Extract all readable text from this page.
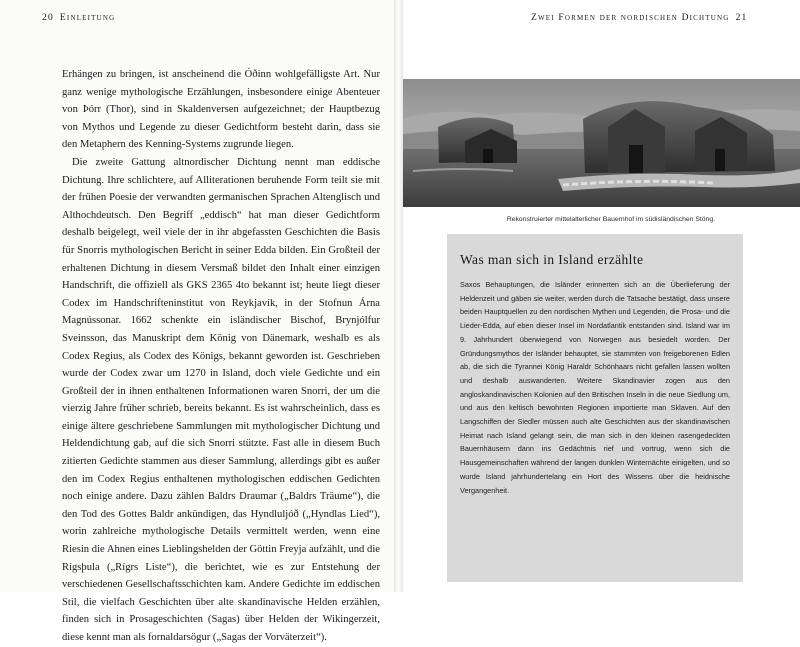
20 Einleitung

Erhängen zu bringen, ist anscheinend die Óðinn wohlgefälligste Art. Nur ganz wenige mythologische Erzählungen, insbesondere einige Abenteuer von Þórr (Thor), sind in Skaldenversen aufgezeichnet; der Hauptbezug von Mythos und Legende zu dieser Gedichtform besteht darin, dass sie den Metaphern des Kenning-Systems zugrunde liegen.

Die zweite Gattung altnordischer Dichtung nennt man eddische Dichtung. Ihre schlichtere, auf Alliterationen beruhende Form teilt sie mit der frühen Poesie der verwandten germanischen Sprachen Altenglisch und Althochdeutsch. Den Begriff „eddisch“ hat man dieser Gedichtform deshalb beigelegt, weil viele der in ihr abgefassten Geschichten die Basis für Snorris mythologischen Bericht in seiner Edda bilden. Ein Großteil der erhaltenen Dichtung in diesem Versmaß bildet den Inhalt einer einzigen Handschrift, die offiziell als GKS 2365 4to bekannt ist; heute liegt dieser Codex im Handschrifteninstitut von Reykjavík, in der Stofnun Árna Magnússonar. 1662 schenkte ein isländischer Bischof, Brynjólfur Sveinsson, das Manuskript dem König von Dänemark, weshalb es als Codex Regius, als Codex des Königs, bekannt geworden ist. Geschrieben wurde der Codex zwar um 1270 in Island, doch viele Gedichte und ein Großteil der in ihnen enthaltenen Informationen waren Snorri, der um die vierzig Jahre früher schrieb, bereits bekannt. Es ist wahrscheinlich, dass es einige ältere geschriebene Sammlungen mit mythologischer Dichtung und Heldendichtung gab, auf die sich Snorri stützte. Fast alle in diesem Buch zitierten Gedichte stammen aus dieser Sammlung, allerdings gibt es außer den im Codex Regius enthaltenen mythologischen eddischen Gedichten noch einige andere. Dazu zählen Baldrs Draumar („Baldrs Träume“), die den Tod des Gottes Baldr ankündigen, das Hyndluljóð („Hyndlas Lied“), worin zahlreiche mythologische Details vermittelt werden, wenn eine Riesin die Ahnen eines Lieblingshelden der Göttin Freyja aufzählt, und die Rígsþula („Rígrs Liste“), die berichtet, wie es zur Entstehung der verschiedenen Gesellschaftsschichten kam. Andere Gedichte im eddischen Stil, die vielfach Geschichten über alte skandinavische Helden erzählen, finden sich in Prosageschichten (Sagas) über Helden der Wikingerzeit, diese kennt man als fornaldarsögur („Sagas der Vorväterzeit“).

Zwei Formen der nordischen Dichtung 21
Rekonstruierter mittelalterlicher Bauernhof im südisländischen Stöng.
Was man sich in Island erzählte
Saxos Behauptungen, die Isländer erinnerten sich an die Überlieferung der Heldenzeit und gäben sie weiter, werden durch die Tatsache bestätigt, dass unsere beiden Hauptquellen zu den nordischen Mythen und Legenden, die Prosa- und die Lieder-Edda, auf eben dieser Insel im Nordatlantik entstanden sind. Island war im 9. Jahrhundert überwiegend von Norwegen aus besiedelt worden. Der Gründungsmythos der Isländer behauptet, sie stammten von freigeborenen Edlen ab, die sich die Tyrannei König Haraldr Schönhaars nicht gefallen lassen wollten und deshalb auswanderten. Weitere Skandinavier zogen aus den angloskandinavischen Kolonien auf den Britischen Inseln in die neue Siedlung um, und aus den keltisch bewohnten Regionen importierte man Sklaven. Auf den Langschiffen der Siedler müssen auch alte Geschichten aus der skandinavischen Heimat nach Island gelangt sein, die man sich in den kleinen rasengedeckten Bauernhäusern dann ins Gedächtnis rief und vortrug, wenn sich die Hausgemeinschaften während der langen dunklen Winternächte einigelten, und so wurde Island jahrhundertelang ein Hort des Wissens über die heidnische Vergangenheit.
